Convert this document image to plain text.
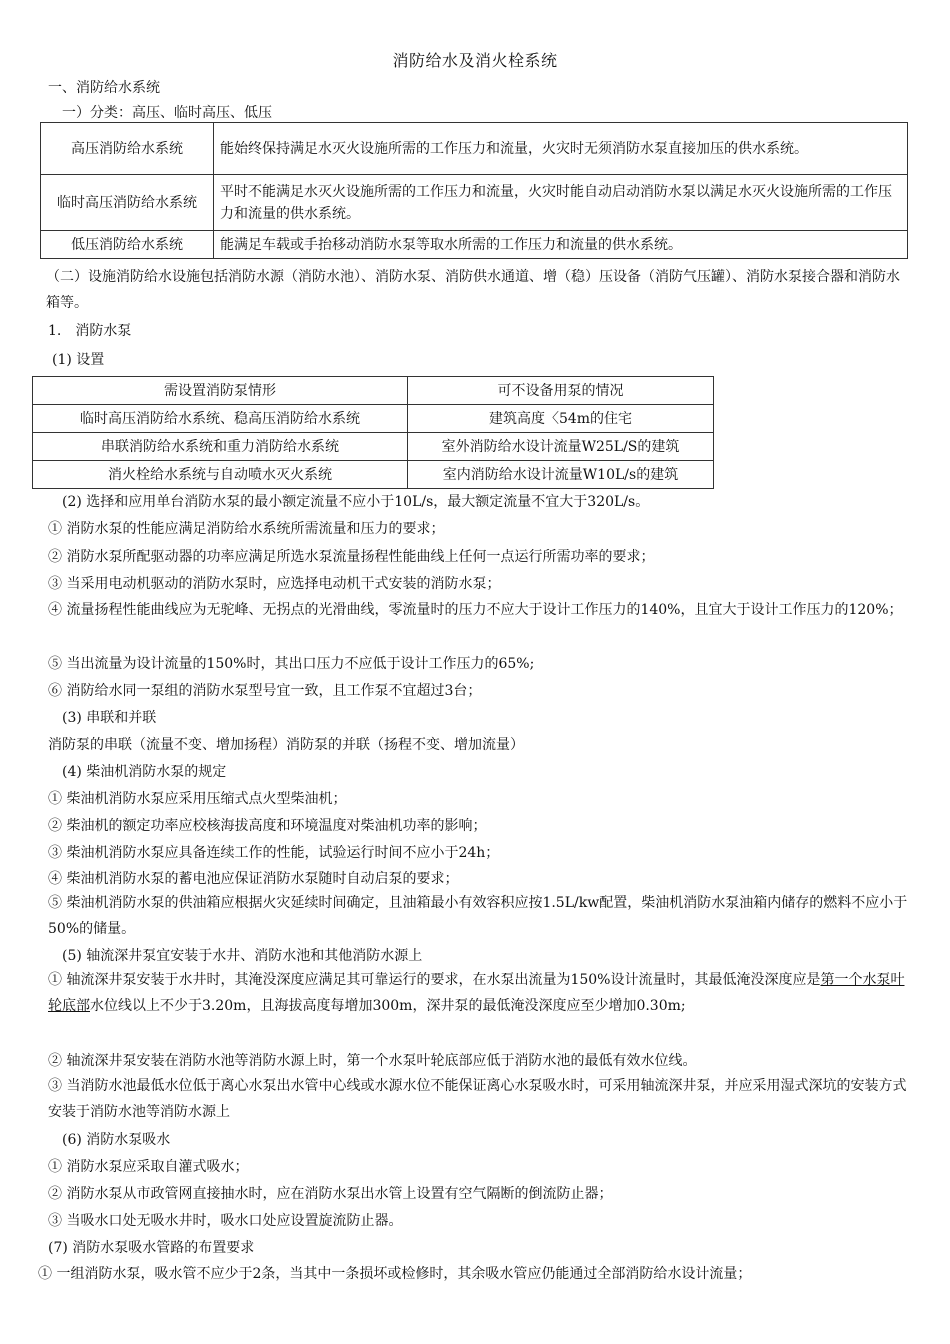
消防给水及消火栓系统
一、消防给水系统
一）分类：高压、临时高压、低压
高压消防给水系统	能始终保持满足水灭火设施所需的工作压力和流量，火灾时无须消防水泵直接加压的供水系统。
临时高压消防给水系统	平时不能满足水灭火设施所需的工作压力和流量，火灾时能自动启动消防水泵以满足水灭火设施所需的工作压力和流量的供水系统。
低压消防给水系统	能满足车载或手抬移动消防水泵等取水所需的工作压力和流量的供水系统。
（二）设施消防给水设施包括消防水源（消防水池）、消防水泵、消防供水通道、增（稳）压设备（消防气压罐）、消防水泵接合器和消防水箱等。
1.　消防水泵
(1) 设置
需设置消防泵情形	可不设备用泵的情况
临时高压消防给水系统、稳高压消防给水系统	建筑高度〈54m的住宅
串联消防给水系统和重力消防给水系统	室外消防给水设计流量W25L/S的建筑
消火栓给水系统与自动喷水灭火系统	室内消防给水设计流量W10L/s的建筑
(2) 选择和应用单台消防水泵的最小额定流量不应小于10L/s，最大额定流量不宜大于320L/s。
① 消防水泵的性能应满足消防给水系统所需流量和压力的要求；
② 消防水泵所配驱动器的功率应满足所选水泵流量扬程性能曲线上任何一点运行所需功率的要求；
③ 当采用电动机驱动的消防水泵时，应选择电动机干式安装的消防水泵；
④ 流量扬程性能曲线应为无驼峰、无拐点的光滑曲线，零流量时的压力不应大于设计工作压力的140%，且宜大于设计工作压力的120%；
⑤ 当出流量为设计流量的150%时，其出口压力不应低于设计工作压力的65%;
⑥ 消防给水同一泵组的消防水泵型号宜一致，且工作泵不宜超过3台；
(3) 串联和并联
消防泵的串联（流量不变、增加扬程）消防泵的并联（扬程不变、增加流量）
(4) 柴油机消防水泵的规定
① 柴油机消防水泵应采用压缩式点火型柴油机；
② 柴油机的额定功率应校核海拔高度和环境温度对柴油机功率的影响；
③ 柴油机消防水泵应具备连续工作的性能，试验运行时间不应小于24h；
④ 柴油机消防水泵的蓄电池应保证消防水泵随时自动启泵的要求；
⑤ 柴油机消防水泵的供油箱应根据火灾延续时间确定，且油箱最小有效容积应按1.5L/kw配置，柴油机消防水泵油箱内储存的燃料不应小于50%的储量。
(5) 轴流深井泵宜安装于水井、消防水池和其他消防水源上
① 轴流深井泵安装于水井时，其淹没深度应满足其可靠运行的要求，在水泵出流量为150%设计流量时，其最低淹没深度应是第一个水泵叶轮底部水位线以上不少于3.20m，且海拔高度每增加300m，深井泵的最低淹没深度应至少增加0.30m;
② 轴流深井泵安装在消防水池等消防水源上时，第一个水泵叶轮底部应低于消防水池的最低有效水位线。
③ 当消防水池最低水位低于离心水泵出水管中心线或水源水位不能保证离心水泵吸水时，可采用轴流深井泵，并应采用湿式深坑的安装方式安装于消防水池等消防水源上
(6) 消防水泵吸水
① 消防水泵应采取自灌式吸水；
② 消防水泵从市政管网直接抽水时，应在消防水泵出水管上设置有空气隔断的倒流防止器；
③ 当吸水口处无吸水井时，吸水口处应设置旋流防止器。
(7) 消防水泵吸水管路的布置要求
① 一组消防水泵，吸水管不应少于2条，当其中一条损坏或检修时，其余吸水管应仍能通过全部消防给水设计流量；
